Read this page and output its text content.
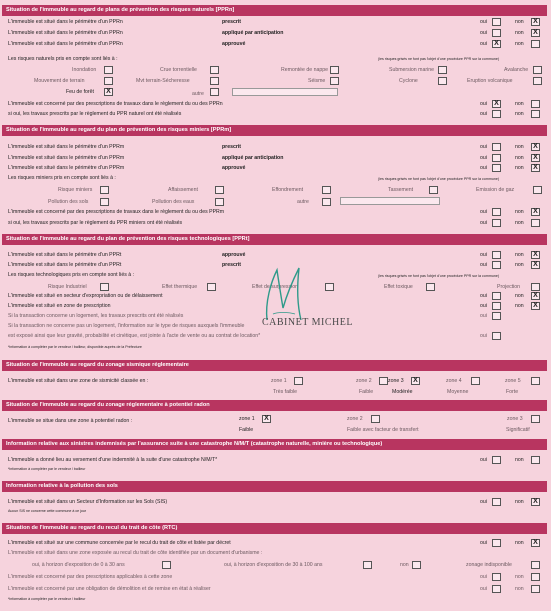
Situation de l'immeuble au regard de plans de prévention des risques naturels [PPRn]
L'immeuble est situé dans le périmètre d'un PPRn	prescrit	oui	non	X
L'immeuble est situé dans le périmètre d'un PPRn	appliqué par anticipation	oui	non	X
L'immeuble est situé dans le périmètre d'un PPRn	approuvé	oui	X	non
Les risques naturels pris en compte sont liés à :	(les risques grisés ne font pas l'objet d'une procédure PPR sur la commune)
Inondation	Crue torrentielle	Remontée de nappe	Submersion marine	Avalanche
Mouvement de terrain	Mvt terrain-Sécheresse	Séisme	Cyclone	Eruption volcanique
Feu de forêt	X	autre
L'immeuble est concerné par des prescriptions de travaux dans le règlement du ou des PPRn	oui	X	non
si oui, les travaux prescrits par le règlement du PPR naturel ont été réalisés	oui	non
Situation de l'immeuble au regard du plan de prévention des risques miniers [PPRm]
L'immeuble est situé dans le périmètre d'un PPRm	prescrit	oui	non	X
L'immeuble est situé dans le périmètre d'un PPRm	appliqué par anticipation	oui	non	X
L'immeuble est situé dans le périmètre d'un PPRm	approuvé	oui	non	X
Les risques miniers pris en compte sont liés à :	(les risques grisés ne font pas l'objet d'une procédure PPR sur la commune)
Risque miniers	Affaissement	Effondrement	Tassement	Emission de gaz
Pollution des sols	Pollution des eaux	autre
L'immeuble est concerné par des prescriptions de travaux dans le règlement du ou des PPRm	oui	non	X
si oui, les travaux prescrits par le règlement du PPR miniers ont été réalisés	oui	non
Situation de l'immeuble au regard du plan de prévention des risques technologiques [PPRt]
L'immeuble est situé dans le périmètre d'un PPRt	approuvé	oui	non	X
L'immeuble est situé dans le périmètre d'un PPRt	prescrit	oui	non	X
Les risques technologiques pris en compte sont liés à :	(les risques grisés ne font pas l'objet d'une procédure PPR sur la commune)
Risque Industriel	Effet thermique	Effet de surpression	Effet toxique	Projection
L'immeuble est situé en secteur d'expropriation ou de délaissement	oui	non	X
L'immeuble est situé en zone de prescription	oui	non	X
Si la transaction concerne un logement, les travaux prescrits ont été réalisés	oui
Si la transaction ne concerne pas un logement, l'information sur le type de risques auxquels l'immeuble
est exposé ainsi que leur gravité, probabilité et cinétique, est jointe à l'acte de vente ou au contrat de location*	oui
*information à compléter par le vendeur / bailleur, disponible auprès de la Préfecture
CABINET MICHEL
Situation de l'immeuble au regard du zonage sismique réglementaire
L'immeuble est situé dans une zone de sismicité classée en :	zone 1
Très faible
zone 2
Faible
zone 3	X
Modérée
zone 4
Moyenne
zone 5
Forte
Situation de l'immeuble au regard du zonage réglementaire à potentiel radon
L'immeuble se situe dans une zone à potentiel radon :	zone 1	X
Faible
zone 2
Faible avec facteur de transfert
zone 3
Significatif
Information relative aux sinistres indemnisés par l'assurance suite à une catastrophe N/M/T (catastrophe naturelle, minière ou technologique)
L'immeuble a donné lieu au versement d'une indemnité à la suite d'une catastrophe N/M/T*	oui	non
*information à compléter par le vendeur / bailleur
Information relative à la pollution des sols
L'immeuble est situé dans un Secteur d'Information sur les Sols (SIS)	oui	non	X
Aucun SIS ne concerne cette commune à ce jour
Situation de l'immeuble au regard du recul du trait de côte (RTC)
L'immeuble est situé sur une commune concernée par le recul du trait de côte et listée par décret	oui	non	X
L'immeuble est situé dans une zone exposée au recul du trait de côte identifiée par un document d'urbanisme :
oui, à horizon d'exposition de 0 à 30 ans	oui, à horizon d'exposition de 30 à 100 ans	non	zonage indisponible
L'immeuble est concerné par des prescriptions applicables à cette zone	oui	non
L'immeuble est concerné par une obligation de démolition et de remise en état à réaliser	oui	non
*information à compléter par le vendeur / bailleur
